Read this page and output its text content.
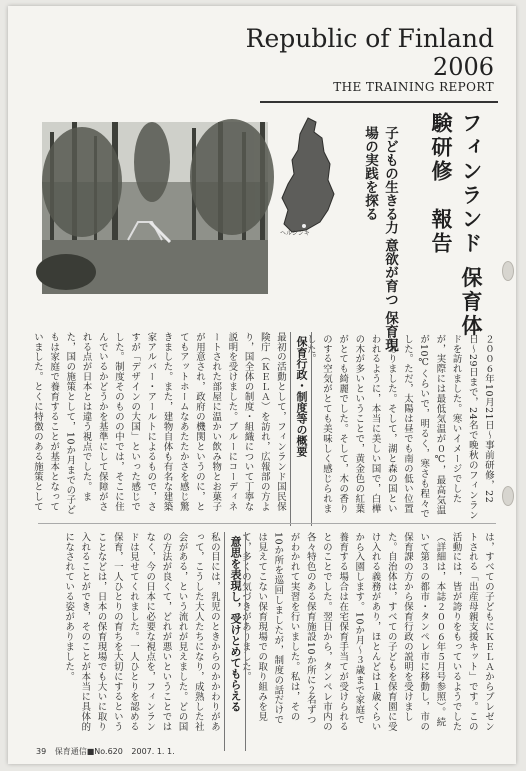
Republic of Finland
2006
THE TRAINING REPORT
ヘルシンキ	フィンランド 保育体験研修　報告
子どもの生きる力 意欲が育つ 保育現場の実践を探る
２００６年10月21日〜事前研修，22日〜29日まで，24名で晩秋のフィンランドを訪れました。寒いイメージでしたが，実際には最低気温が０℃，最高気温が10℃くらいで，明るく，寒さも程々でした。ただ，太陽は昼でも南の低い位置にありました。そして，湖と森の国といわれるように，本当に美しい国で，白樺の木が多いということで，黄金色の紅葉がとても綺麗でした。そして，木の香りのする空気がとても美味しく感じられました。
保育行政・制度等の概要
最初の活動として，フィンランド国民保険庁（ＫＥＬＡ）を訪れ，広報部の方より，国全体の制度・組織について丁寧な説明を受けました。ブルーにコーディネートされた部屋に温かい飲み物とお菓子が用意され，政府の機関というのに，とてもアットホームなあたたかさを感じ驚きました。また，建物自体も有名な建築家アルバー・アールトによるもので，さすが「デザインの大国」といった感じでした。制度そのものの中では，そこに住んでいるかどうかを基準にして保障がされる点が日本とは違う視点でした。また，国の施策として，10か月までの子どもは家庭で養育することが基本となっていました。とくに特徴のある施策として
は，すべての子どもにＫＥＬＡからプレゼントされる「出産母親支援キット」です。この活動には，皆が誇りをもっているようでした（詳細は，本誌２００６年５月号参照）。続いて第３の都市・タンペレ市に移動し，市の保育課の方から保育行政の説明を受けました。自治体は，すべての子どもを保育園に受け入れる義務があり，ほとんどは１歳くらいから入園します。10か月〜３歳まで家庭で養育する場合は在宅保育手当てが受けられるとのことでした。翌日から，タンペレ市内の各々特色のある保育施設10か所に２名ずつがわかれて実習を行いました。私は，その10か所を巡回しましたが，制度の話だけでは見えてこない保育現場での取り組みを見て，多くの気づきがありました。
意思を表現し，受けとめてもらえる
私の目には，乳児のときからのかかわりがあって，こうした大人たちになり，成熟した社会がある，という流れが見えました。どの国の方法が良くて，どれが悪いということではなく，今の日本に必要な視点を，フィンランドは見せてくれました。一人ひとりを認める保育，一人ひとりの育ちを大切にするということなどは，日本の保育現場でも大いに取り入れることができ，そのことが本当に具体的になされている姿がありました。
39 保育通信■No.620 2007. 1. 1.
